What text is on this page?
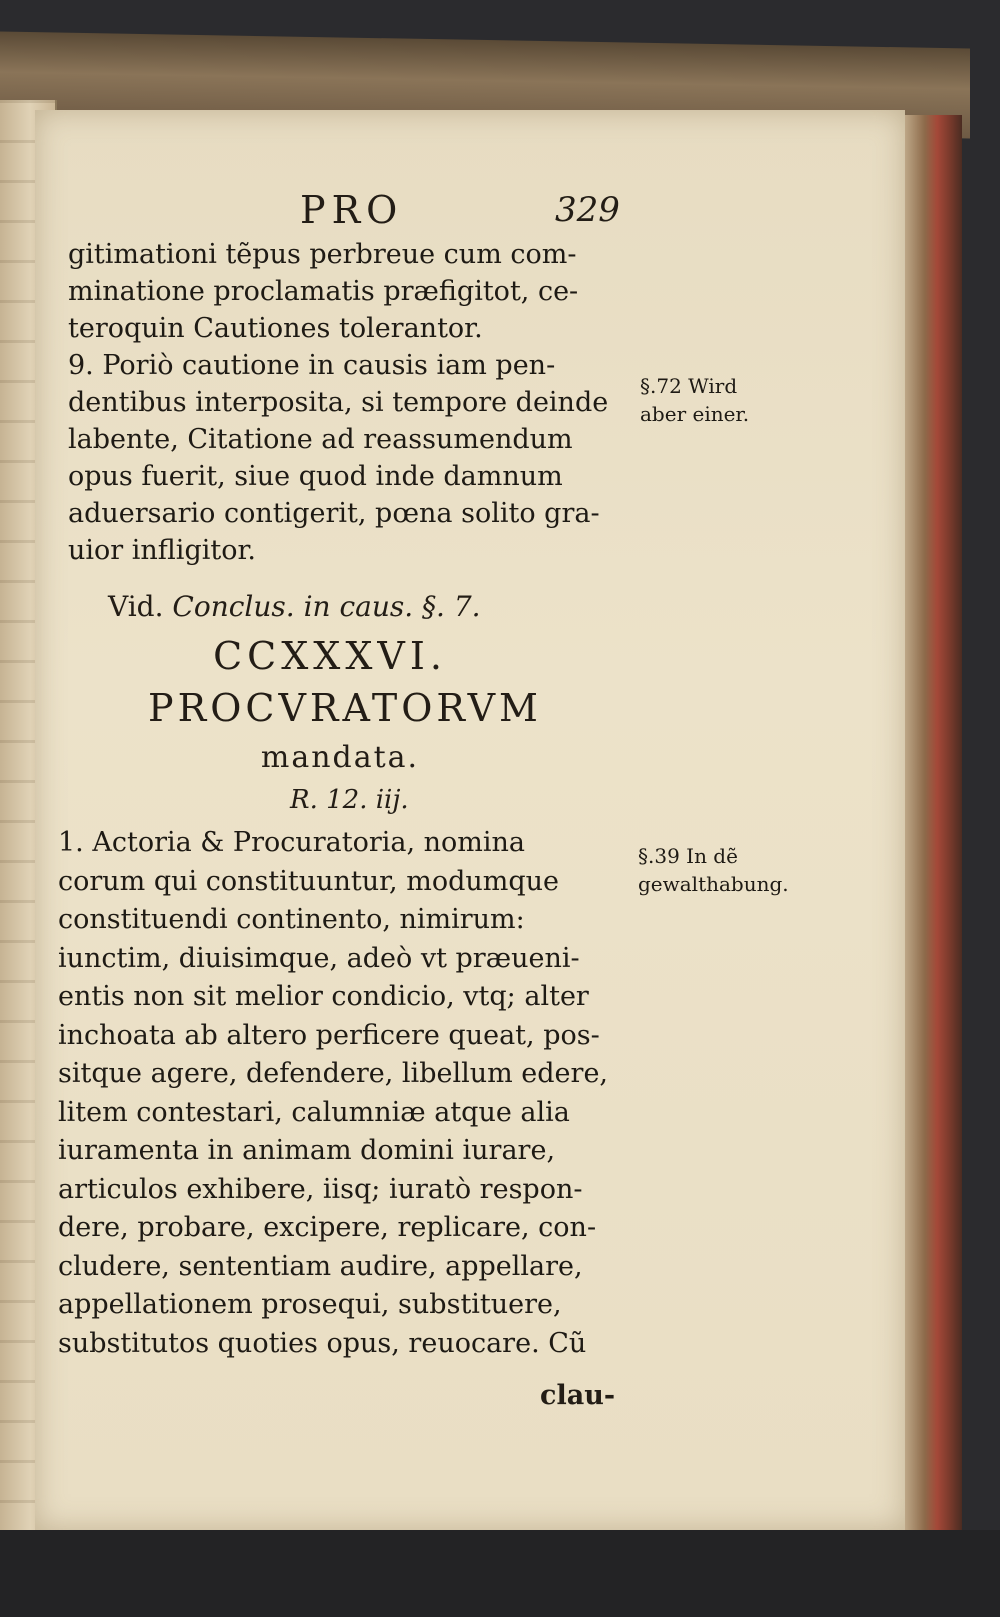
PRO	329
gitimationi tẽpus perbreue cum com-
minatione proclamatis præfigitot, ce-
teroquin Cautiones tolerantor.
9. Poriò cautione in causis iam pen-
dentibus interposita, si tempore deinde
labente, Citatione ad reassumendum
opus fuerit, siue quod inde damnum
aduersario contigerit, pœna solito gra-
uior infligitor.
Vid. Conclus. in caus. §. 7.
CCXXXVI.
PROCVRATORVM
mandata.
R. 12. iij.
1. Actoria & Procuratoria, nomina
corum qui constituuntur, modumque
constituendi continento, nimirum:
iunctim, diuisimque, adeò vt præueni-
entis non sit melior condicio, vtq; alter
inchoata ab altero perficere queat, pos-
sitque agere, defendere, libellum edere,
litem contestari, calumniæ atque alia
iuramenta in animam domini iurare,
articulos exhibere, iisq; iuratò respon-
dere, probare, excipere, replicare, con-
cludere, sententiam audire, appellare,
appellationem prosequi, substituere,
substitutos quoties opus, reuocare. Cũ
clau-
§.72 Wird
aber einer.
§.39 In dẽ
gewalthabung.
